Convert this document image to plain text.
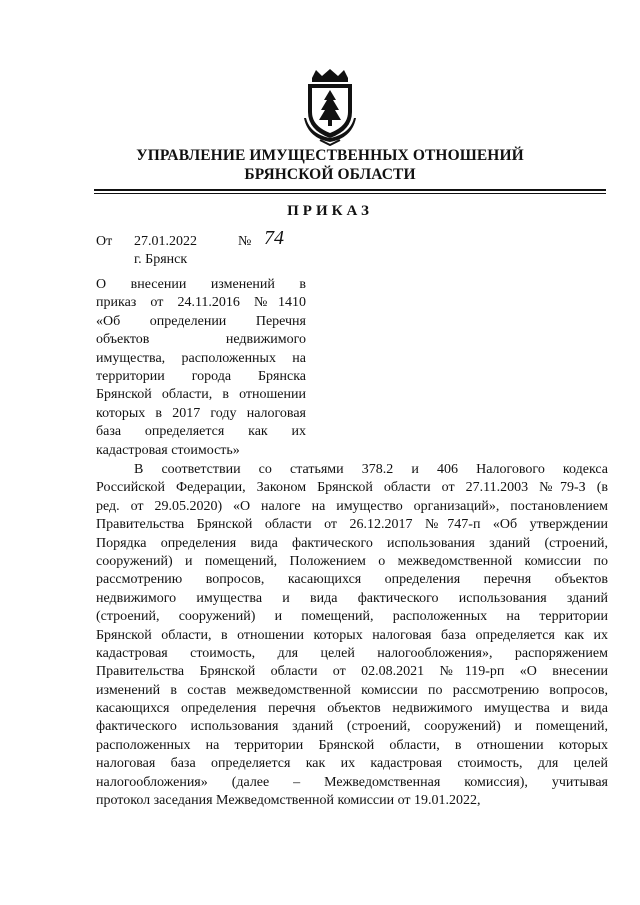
УПРАВЛЕНИЕ ИМУЩЕСТВЕННЫХ ОТНОШЕНИЙ
БРЯНСКОЙ ОБЛАСТИ
ПРИКАЗ
От 27.01.2022	№ 74
г. Брянск
О внесении изменений в
приказ от 24.11.2016 №1410
«Об определении Перечня
объектов недвижимого
имущества, расположенных на
территории города Брянска
Брянской области, в отношении
которых в 2017 году налоговая
база определяется как их
кадастровая стоимость»
В соответствии со статьями 378.2 и 406 Налогового кодекса
Российской Федерации, Законом Брянской области от 27.11.2003 №79-З (в
ред. от 29.05.2020) «О налоге на имущество организаций», постановлением
Правительства Брянской области от 26.12.2017 №747-п «Об утверждении
Порядка определения вида фактического использования зданий (строений,
сооружений) и помещений, Положением о межведомственной комиссии по
рассмотрению вопросов, касающихся определения перечня объектов
недвижимого имущества и вида фактического использования зданий
(строений, сооружений) и помещений, расположенных на территории
Брянской области, в отношении которых налоговая база определяется как их
кадастровая стоимость, для целей налогообложения», распоряжением
Правительства Брянской области от 02.08.2021 №119-рп «О внесении
изменений в состав межведомственной комиссии по рассмотрению вопросов,
касающихся определения перечня объектов недвижимого имущества и вида
фактического использования зданий (строений, сооружений) и помещений,
расположенных на территории Брянской области, в отношении которых
налоговая база определяется как их кадастровая стоимость, для целей
налогообложения» (далее – Межведомственная комиссия), учитывая
протокол заседания Межведомственной комиссии от 19.01.2022,
